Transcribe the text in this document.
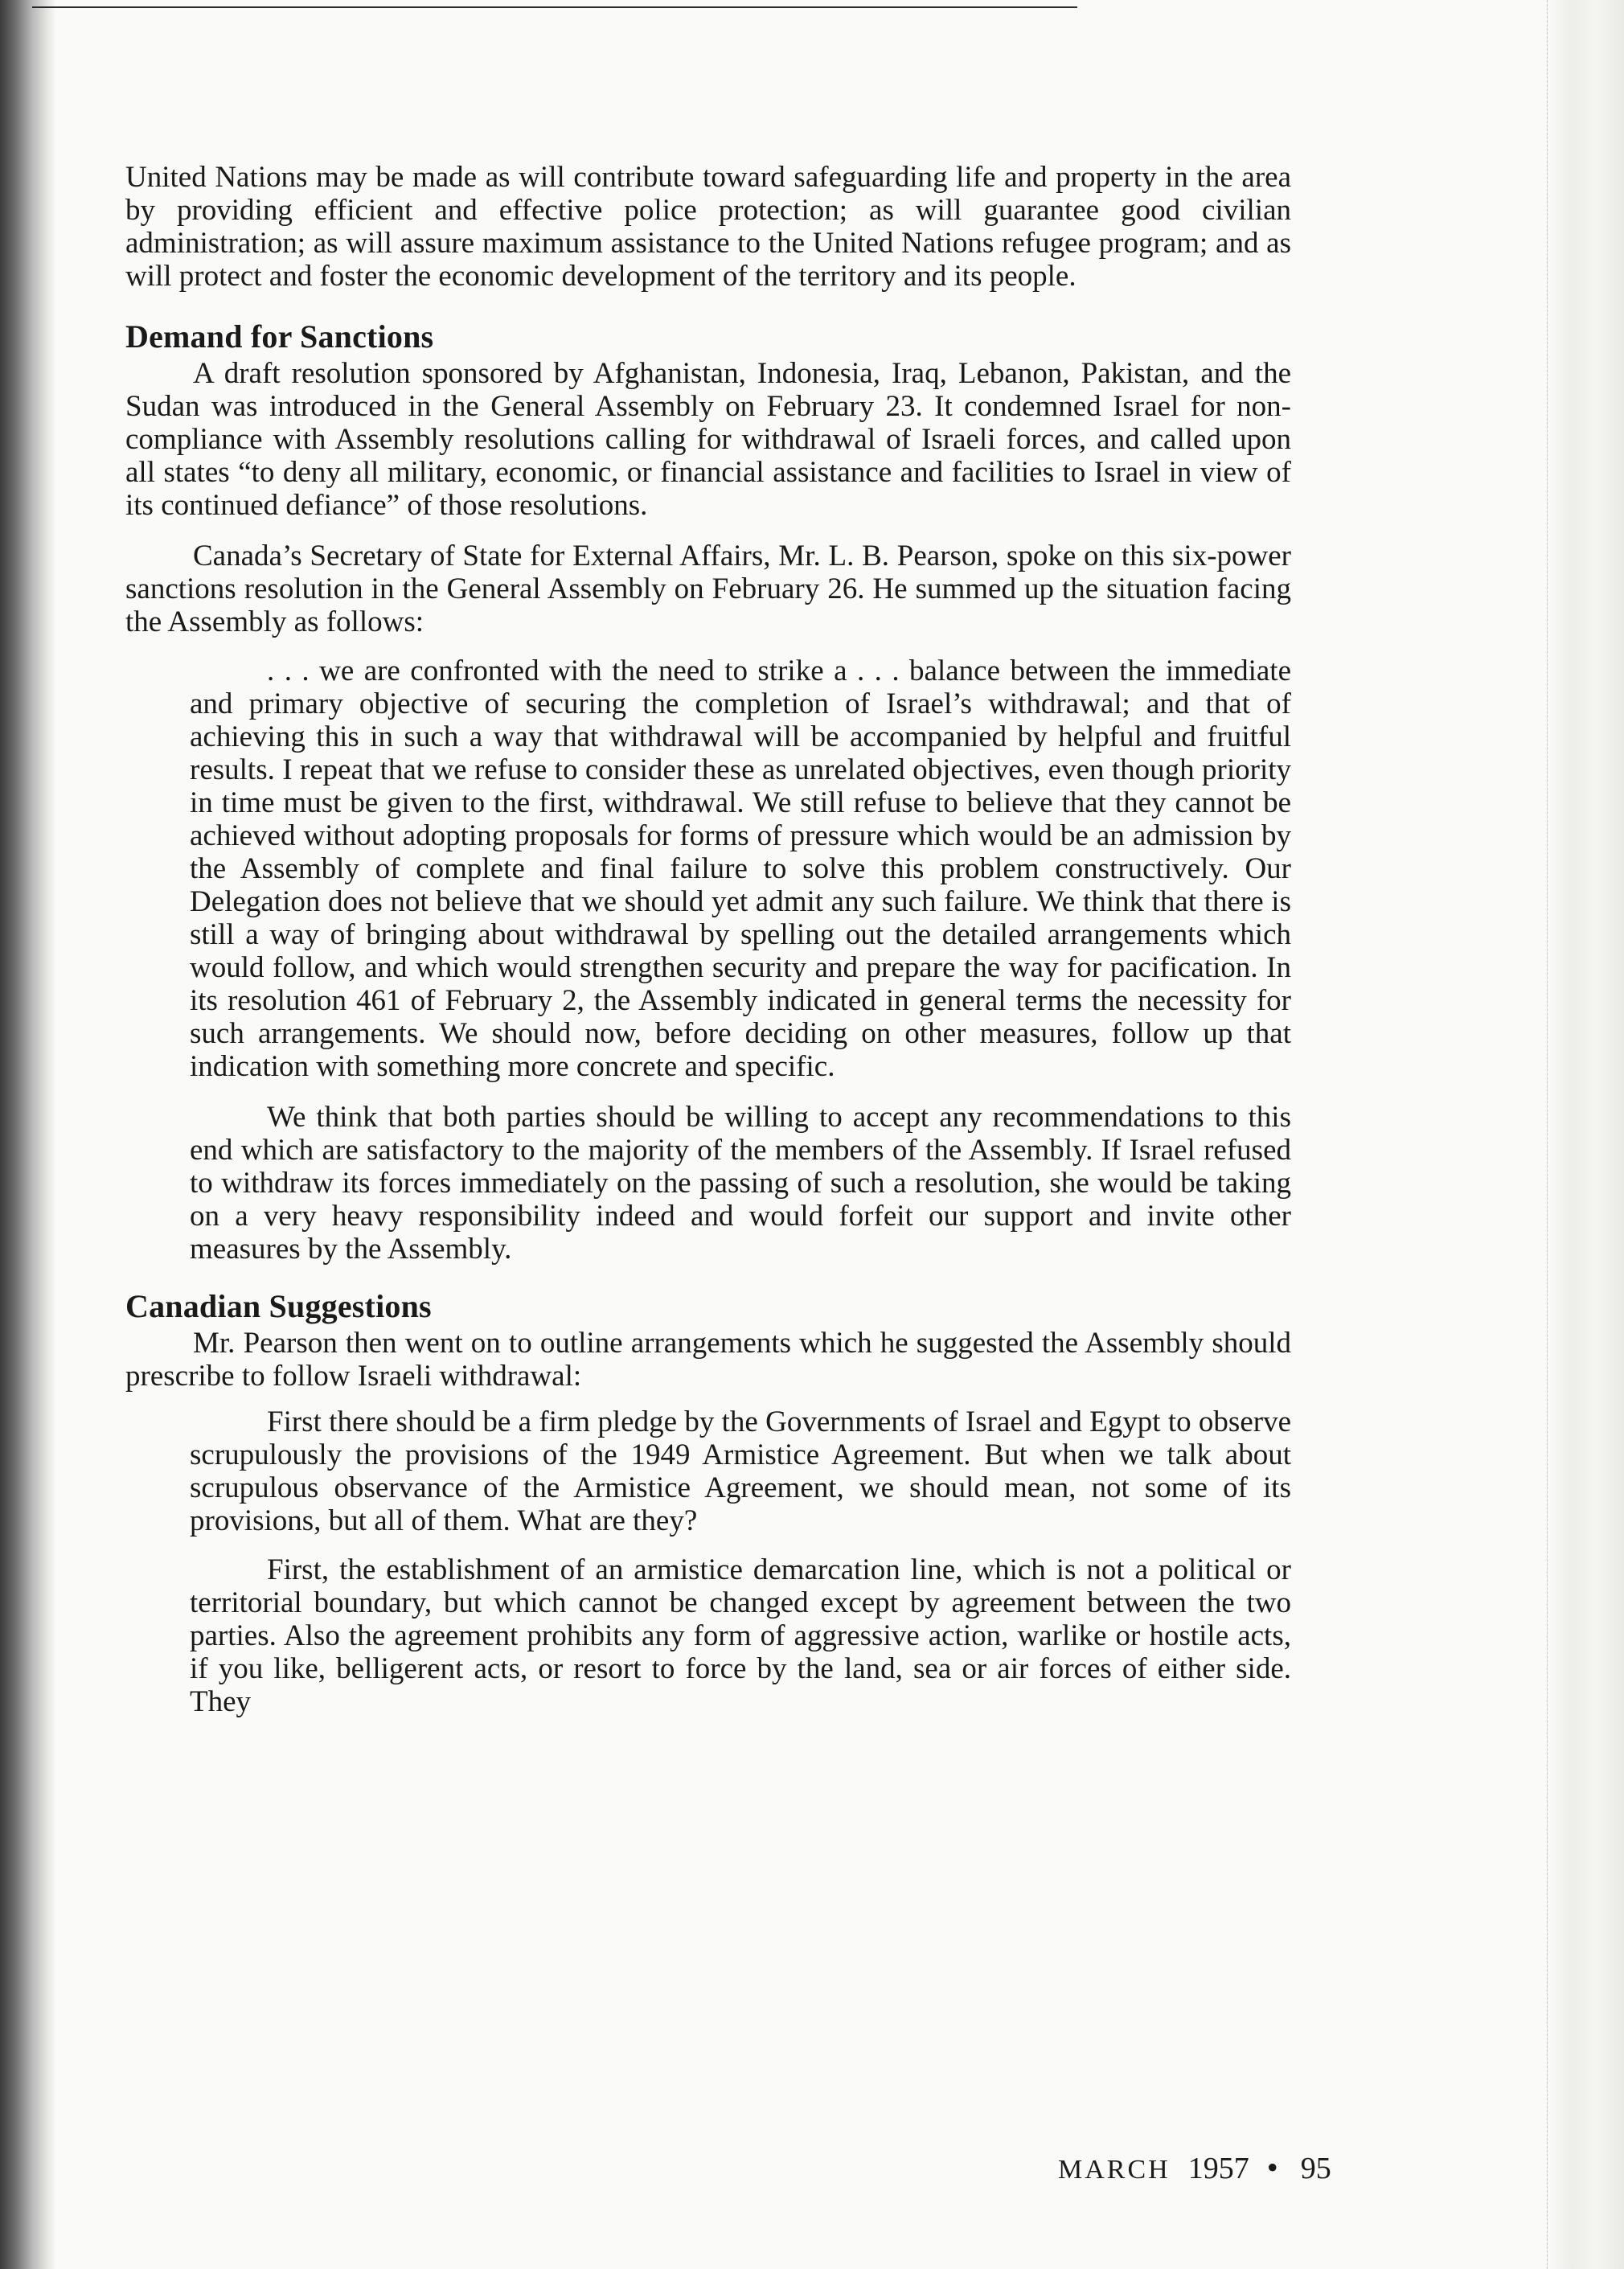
United Nations may be made as will contribute toward safeguarding life and property in the area by providing efficient and effective police protection; as will guarantee good civilian administration; as will assure maximum assistance to the United Nations refugee program; and as will protect and foster the economic development of the territory and its people.

Demand for Sanctions

A draft resolution sponsored by Afghanistan, Indonesia, Iraq, Lebanon, Pakistan, and the Sudan was introduced in the General Assembly on February 23. It condemned Israel for non-compliance with Assembly resolutions calling for withdrawal of Israeli forces, and called upon all states “to deny all military, economic, or financial assistance and facilities to Israel in view of its continued defiance” of those resolutions.

Canada’s Secretary of State for External Affairs, Mr. L. B. Pearson, spoke on this six-power sanctions resolution in the General Assembly on February 26. He summed up the situation facing the Assembly as follows:

. . . we are confronted with the need to strike a . . . balance between the immediate and primary objective of securing the completion of Israel’s withdrawal; and that of achieving this in such a way that withdrawal will be accompanied by helpful and fruitful results. I repeat that we refuse to consider these as unrelated objectives, even though priority in time must be given to the first, withdrawal. We still refuse to believe that they cannot be achieved without adopting proposals for forms of pressure which would be an admission by the Assembly of complete and final failure to solve this problem constructively. Our Delegation does not believe that we should yet admit any such failure. We think that there is still a way of bringing about withdrawal by spelling out the detailed arrangements which would follow, and which would strengthen security and prepare the way for pacification. In its resolution 461 of February 2, the Assembly indicated in general terms the necessity for such arrangements. We should now, before deciding on other measures, follow up that indication with something more concrete and specific.

We think that both parties should be willing to accept any recommendations to this end which are satisfactory to the majority of the members of the Assembly. If Israel refused to withdraw its forces immediately on the passing of such a resolution, she would be taking on a very heavy responsibility indeed and would forfeit our support and invite other measures by the Assembly.

Canadian Suggestions

Mr. Pearson then went on to outline arrangements which he suggested the Assembly should prescribe to follow Israeli withdrawal:

First there should be a firm pledge by the Governments of Israel and Egypt to observe scrupulously the provisions of the 1949 Armistice Agreement. But when we talk about scrupulous observance of the Armistice Agreement, we should mean, not some of its provisions, but all of them. What are they?

First, the establishment of an armistice demarcation line, which is not a political or territorial boundary, but which cannot be changed except by agreement between the two parties. Also the agreement prohibits any form of aggressive action, warlike or hostile acts, if you like, belligerent acts, or resort to force by the land, sea or air forces of either side. They

MARCH 1957 • 95
